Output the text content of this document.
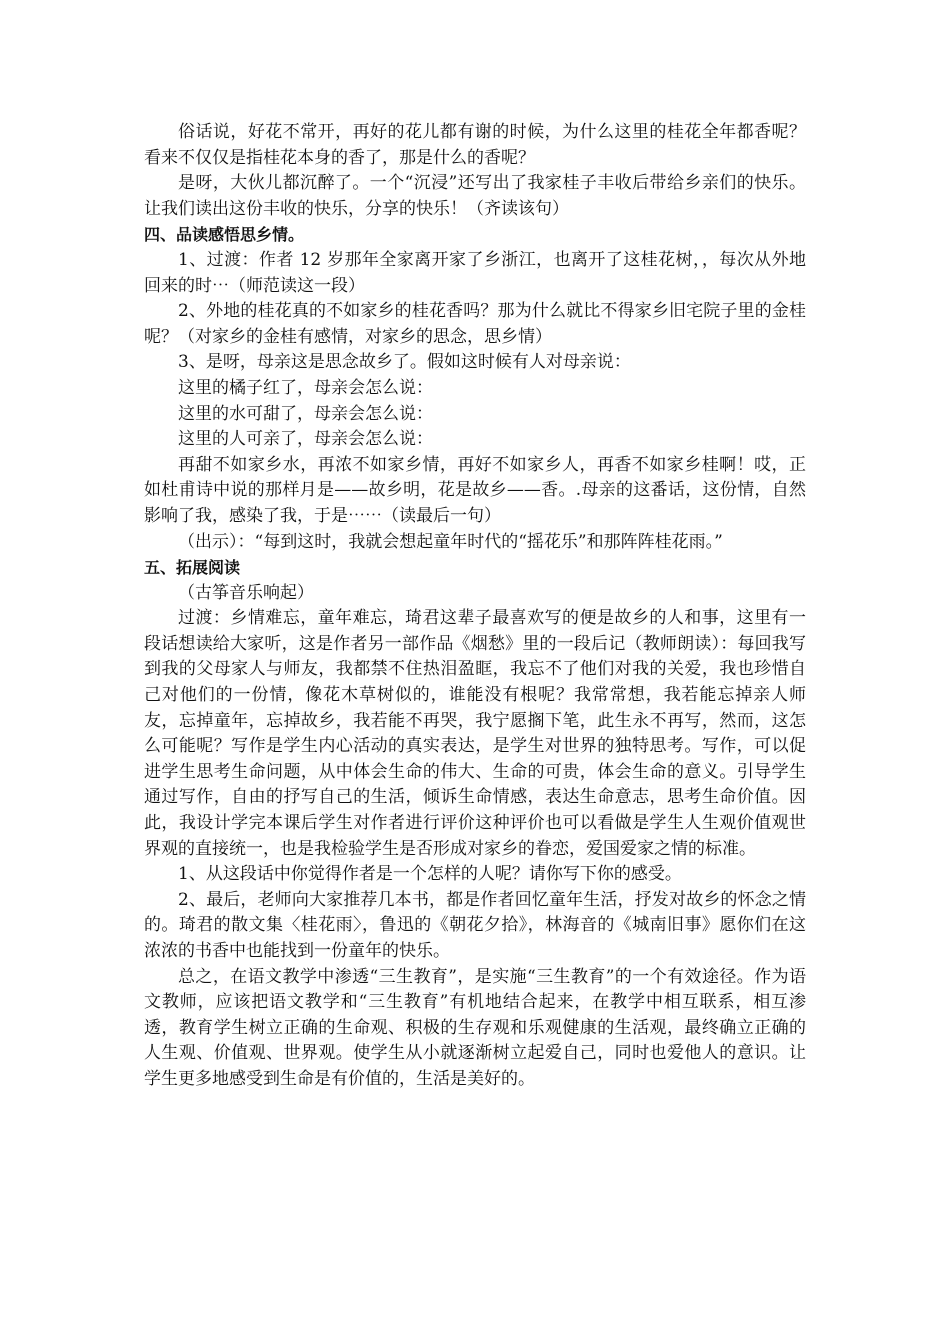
俗话说，好花不常开，再好的花儿都有谢的时候，为什么这里的桂花全年都香呢？看来不仅仅是指桂花本身的香了，那是什么的香呢？

是呀，大伙儿都沉醉了。一个“沉浸”还写出了我家桂子丰收后带给乡亲们的快乐。让我们读出这份丰收的快乐，分享的快乐！（齐读该句）

四、品读感悟思乡情。

1、过渡：作者 12 岁那年全家离开家了乡浙江，也离开了这桂花树，，每次从外地回来的时⋯（师范读这一段）

2、外地的桂花真的不如家乡的桂花香吗？那为什么就比不得家乡旧宅院子里的金桂呢？（对家乡的金桂有感情，对家乡的思念，思乡情）

3、是呀，母亲这是思念故乡了。假如这时候有人对母亲说：

这里的橘子红了，母亲会怎么说：

这里的水可甜了，母亲会怎么说：

这里的人可亲了，母亲会怎么说：

再甜不如家乡水，再浓不如家乡情，再好不如家乡人，再香不如家乡桂啊！哎，正如杜甫诗中说的那样月是——故乡明，花是故乡——香。.母亲的这番话，这份情，自然影响了我，感染了我，于是⋯⋯（读最后一句）

（出示）：“每到这时，我就会想起童年时代的“摇花乐”和那阵阵桂花雨。”

五、拓展阅读

（古筝音乐响起）

过渡：乡情难忘，童年难忘，琦君这辈子最喜欢写的便是故乡的人和事，这里有一段话想读给大家听，这是作者另一部作品《烟愁》里的一段后记（教师朗读）：每回我写到我的父母家人与师友，我都禁不住热泪盈眶，我忘不了他们对我的关爱，我也珍惜自己对他们的一份情，像花木草树似的，谁能没有根呢？我常常想，我若能忘掉亲人师友，忘掉童年，忘掉故乡，我若能不再哭，我宁愿搁下笔，此生永不再写，然而，这怎么可能呢？写作是学生内心活动的真实表达，是学生对世界的独特思考。写作，可以促进学生思考生命问题，从中体会生命的伟大、生命的可贵，体会生命的意义。引导学生通过写作，自由的抒写自己的生活，倾诉生命情感，表达生命意志，思考生命价值。因此，我设计学完本课后学生对作者进行评价这种评价也可以看做是学生人生观价值观世界观的直接统一，也是我检验学生是否形成对家乡的眷恋，爱国爱家之情的标准。

1、从这段话中你觉得作者是一个怎样的人呢？请你写下你的感受。

2、最后，老师向大家推荐几本书，都是作者回忆童年生活，抒发对故乡的怀念之情的。琦君的散文集〈桂花雨〉，鲁迅的《朝花夕拾》，林海音的《城南旧事》愿你们在这浓浓的书香中也能找到一份童年的快乐。

总之，在语文教学中渗透“三生教育”，是实施“三生教育”的一个有效途径。作为语文教师，应该把语文教学和“三生教育”有机地结合起来，在教学中相互联系，相互渗透，教育学生树立正确的生命观、积极的生存观和乐观健康的生活观，最终确立正确的人生观、价值观、世界观。使学生从小就逐渐树立起爱自己，同时也爱他人的意识。让学生更多地感受到生命是有价值的，生活是美好的。
